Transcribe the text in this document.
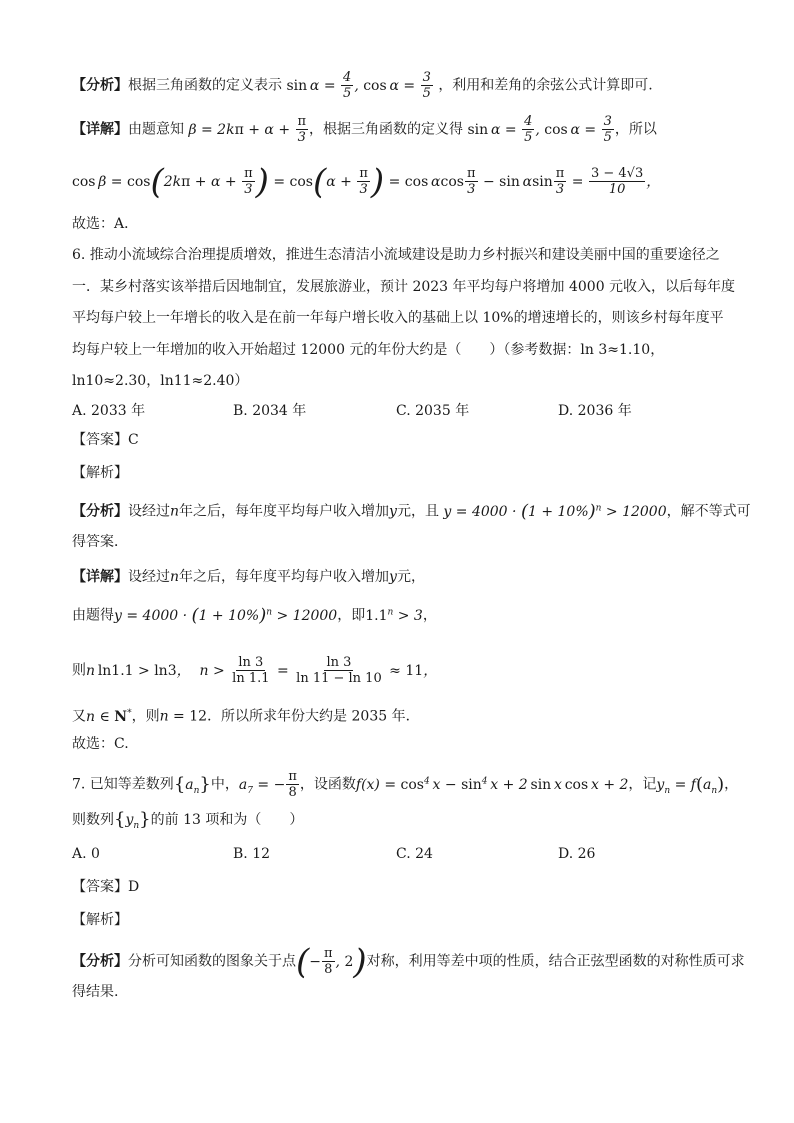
【分析】根据三角函数的定义表示 $\sin \alpha = \frac{4}{5}$ , $\cos \alpha = \frac{3}{5}$ ，利用和差角的余弦公式计算即可.
【详解】由题意知 $\beta = 2k\pi + \alpha + \frac{\pi}{3}$ ，根据三角函数的定义得 $\sin \alpha = \frac{4}{5}$ , $\cos \alpha = \frac{3}{5}$ ，所以
$\cos \beta = \cos(2k\pi + \alpha + \frac{\pi}{3}$ ) = $\cos(\alpha + \frac{\pi}{3}$ ) = cos αcos $\frac{\pi}{3} - \sin \alpha\sin \frac{\pi}{3} = \frac{3 - 4√3}{10}$ ，
故选：A．
6. 推动小流域综合治理提质增效，推进生态清洁小流域建设是助力乡村振兴和建设美丽中国的重要途径之
一．某乡村落实该举措后因地制宜，发展旅游业，预计 2023 年平均每户将增加 4000 元收入，以后每年度
平均每户较上一年增长的收入是在前一年每户增长收入的基础上以 10%的增速增长的，则该乡村每年度平
均每户较上一年增加的收入开始超过 12000 元的年份大约是（　　）（参考数据：ln 3≈1.10，
ln10≈2.30，ln11≈2.40）
A. 2033 年	B. 2034 年	C. 2035 年	D. 2036 年
【答案】C
【解析】
【分析】设经过n年之后，每年度平均每户收入增加y元，且 $y = 4000 \cdot (1 + 10\%)^n > 12000$，解不等式可
得答案．
【详解】设经过n年之后，每年度平均每户收入增加y元，
由题得$y = 4000 \cdot (1 + 10\%)^n > 12000$，即$1.1^n > 3$，
则n ln1.1 > ln3，  $n > \frac{\ln 3}{\ln 1.1} = \frac{\ln 3}{\ln 11 - \ln 10} \approx 11$，
又n ∈ N*，则n = 12．所以所求年份大约是 2035 年．
故选：C.
7. 已知等差数列$\{a_n\}$中，$a_7$ = − $\frac{\pi}{8}$ ，设函数$f(x) = \cos^4 x - \sin^4 x + 2$ sin x cos x + 2，记$y_n = f(a_n)$，
则数列$\{y_n\}$的前 13 项和为（　　）
A. 0	B. 12	C. 24	D. 26
【答案】D
【解析】
【分析】分析可知函数的图象关于点(− $\frac{\pi}{8}$ , 2)对称，利用等差中项的性质，结合正弦型函数的对称性质可求
得结果.
